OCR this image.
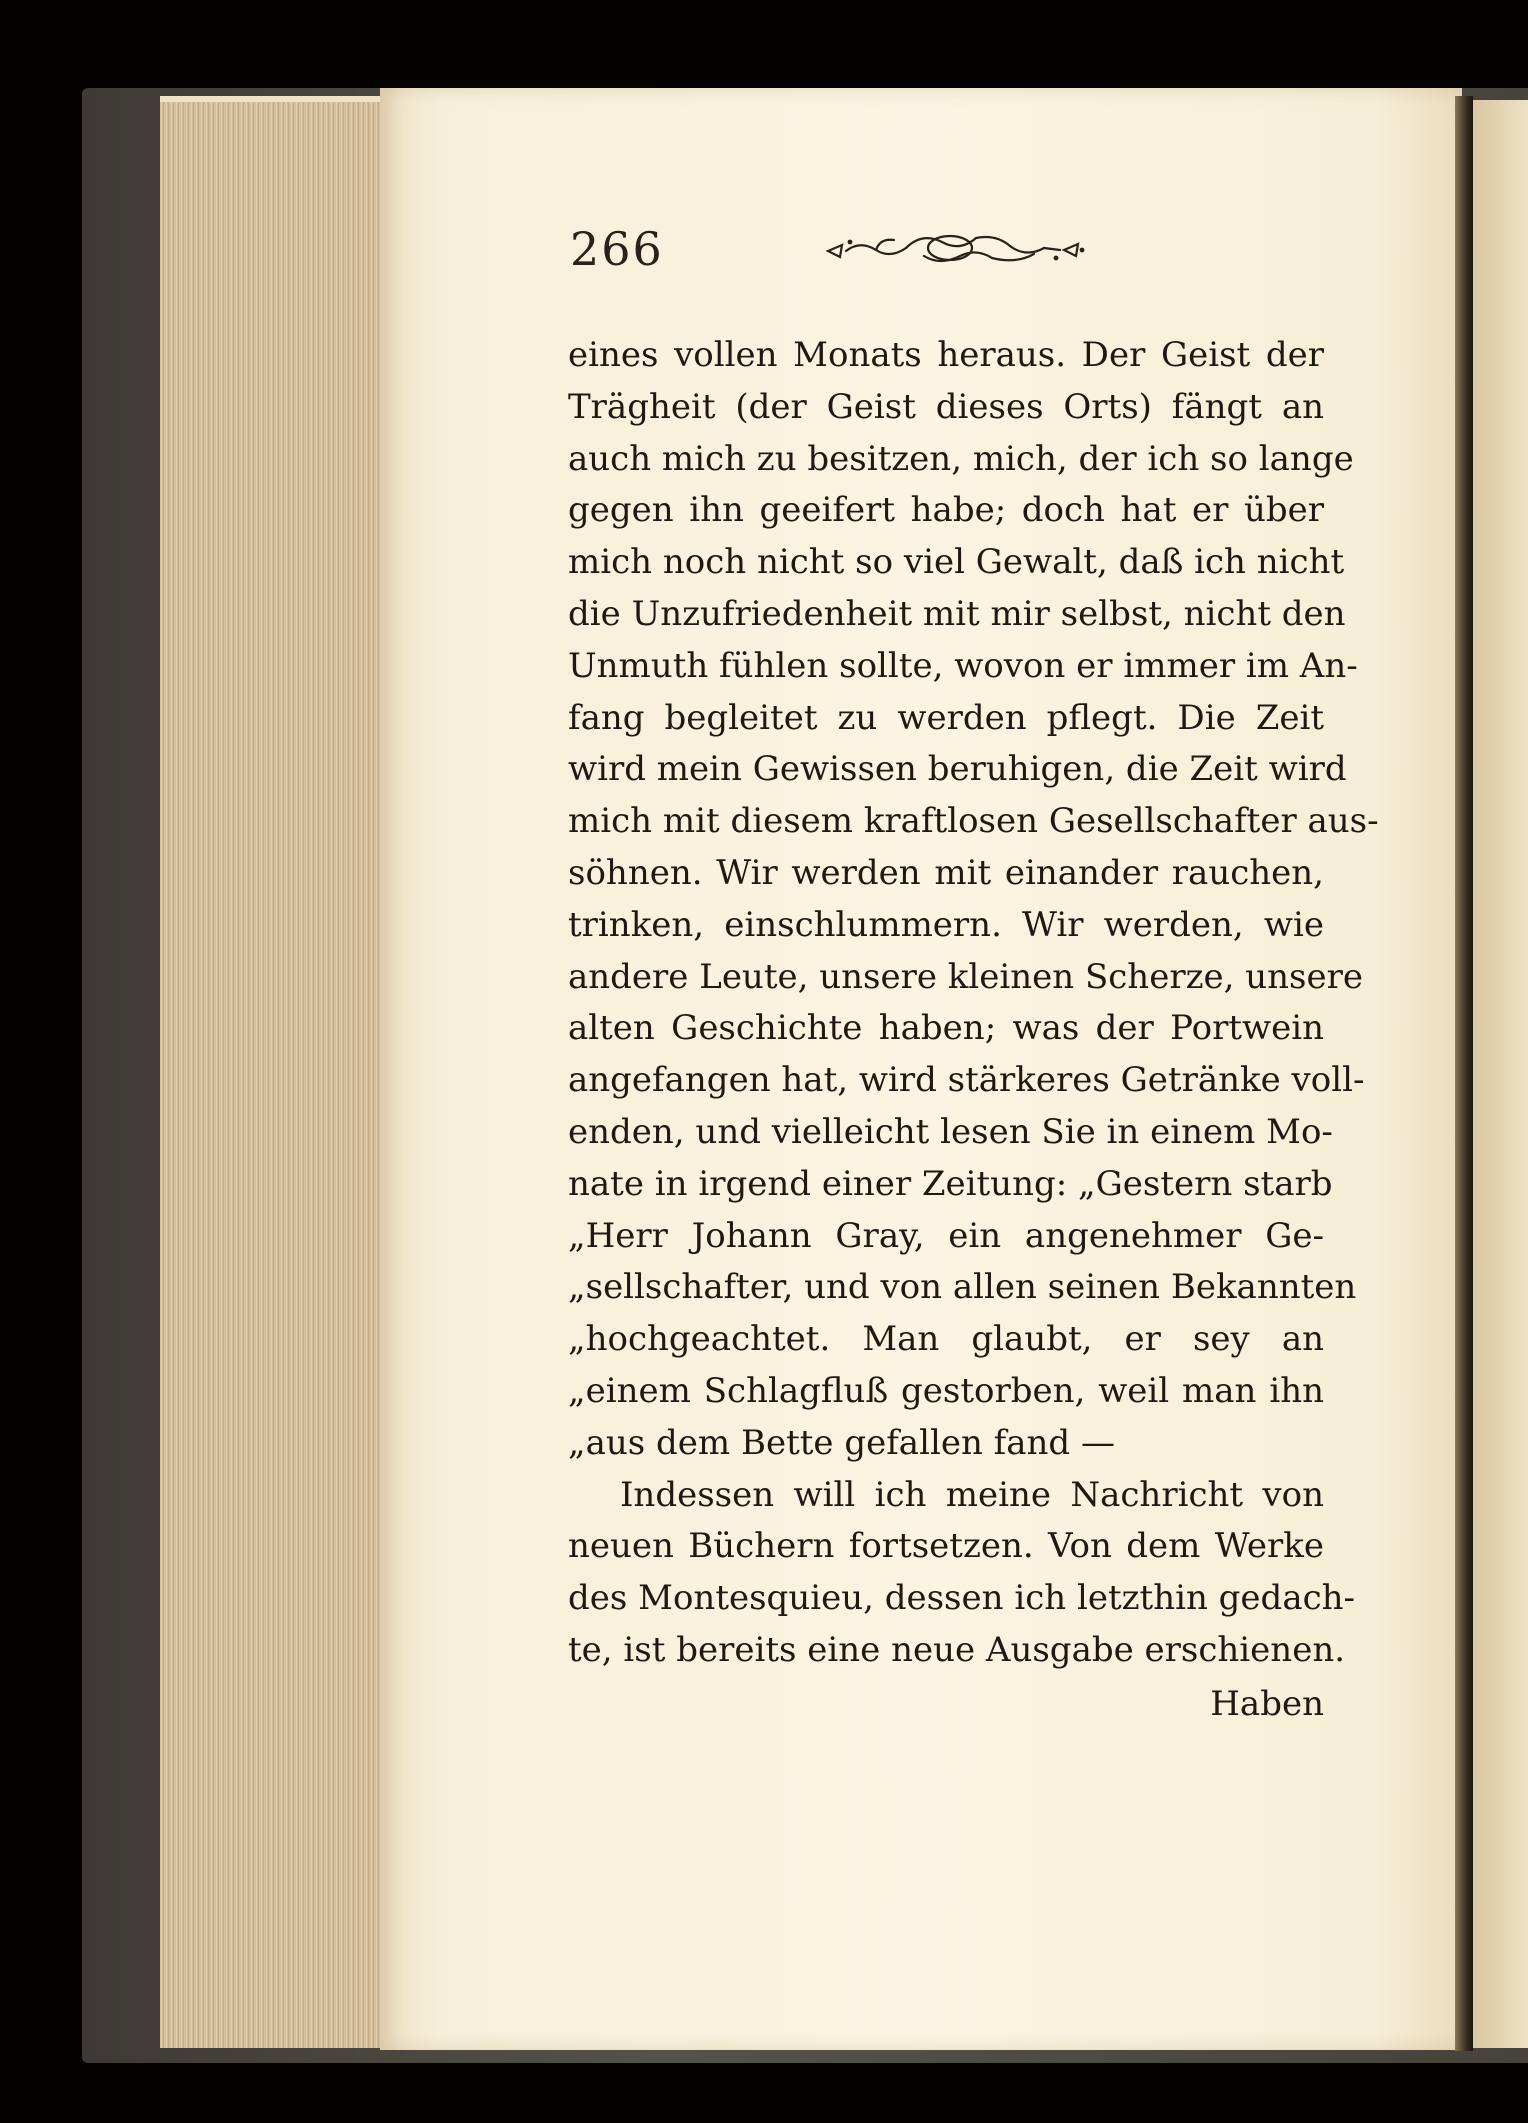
266
eines vollen Monats heraus. Der Geist der
Trägheit (der Geist dieses Orts) fängt an
auch mich zu besitzen, mich, der ich so lange
gegen ihn geeifert habe; doch hat er über
mich noch nicht so viel Gewalt, daß ich nicht
die Unzufriedenheit mit mir selbst, nicht den
Unmuth fühlen sollte, wovon er immer im An-
fang begleitet zu werden pflegt. Die Zeit
wird mein Gewissen beruhigen, die Zeit wird
mich mit diesem kraftlosen Gesellschafter aus-
söhnen. Wir werden mit einander rauchen,
trinken, einschlummern. Wir werden, wie
andere Leute, unsere kleinen Scherze, unsere
alten Geschichte haben; was der Portwein
angefangen hat, wird stärkeres Getränke voll-
enden, und vielleicht lesen Sie in einem Mo-
nate in irgend einer Zeitung: „Gestern starb
„Herr Johann Gray, ein angenehmer Ge-
„sellschafter, und von allen seinen Bekannten
„hochgeachtet. Man glaubt, er sey an
„einem Schlagfluß gestorben, weil man ihn
„aus dem Bette gefallen fand —
Indessen will ich meine Nachricht von
neuen Büchern fortsetzen. Von dem Werke
des Montesquieu, dessen ich letzthin gedach-
te, ist bereits eine neue Ausgabe erschienen.
Haben
